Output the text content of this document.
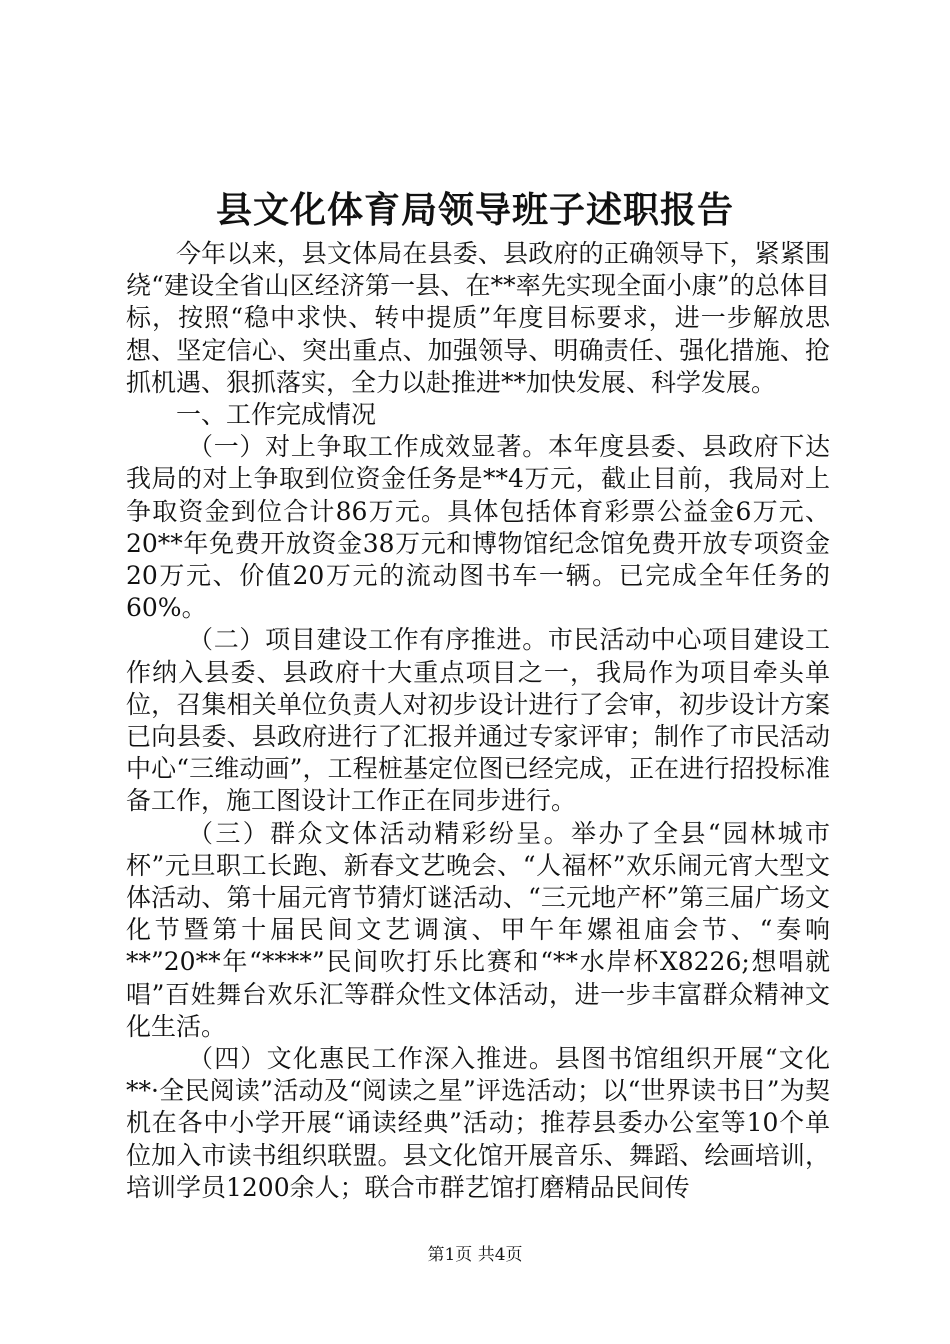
县文化体育局领导班子述职报告

今年以来，县文体局在县委、县政府的正确领导下，紧紧围绕“建设全省山区经济第一县、在**率先实现全面小康”的总体目标，按照“稳中求快、转中提质”年度目标要求，进一步解放思想、坚定信心、突出重点、加强领导、明确责任、强化措施、抢抓机遇、狠抓落实，全力以赴推进**加快发展、科学发展。

一、工作完成情况

（一）对上争取工作成效显著。本年度县委、县政府下达我局的对上争取到位资金任务是**4万元，截止目前，我局对上争取资金到位合计86万元。具体包括体育彩票公益金6万元、20**年免费开放资金38万元和博物馆纪念馆免费开放专项资金20万元、价值20万元的流动图书车一辆。已完成全年任务的60%。

（二）项目建设工作有序推进。市民活动中心项目建设工作纳入县委、县政府十大重点项目之一，我局作为项目牵头单位，召集相关单位负责人对初步设计进行了会审，初步设计方案已向县委、县政府进行了汇报并通过专家评审；制作了市民活动中心“三维动画”，工程桩基定位图已经完成，正在进行招投标准备工作，施工图设计工作正在同步进行。

（三）群众文体活动精彩纷呈。举办了全县“园林城市杯”元旦职工长跑、新春文艺晚会、“人福杯”欢乐闹元宵大型文体活动、第十届元宵节猜灯谜活动、“三元地产杯”第三届广场文化节暨第十届民间文艺调演、甲午年嫘祖庙会节、“奏响**”20**年“****”民间吹打乐比赛和“**水岸杯X8226;想唱就唱”百姓舞台欢乐汇等群众性文体活动，进一步丰富群众精神文化生活。

（四）文化惠民工作深入推进。县图书馆组织开展“文化**·全民阅读”活动及“阅读之星”评选活动；以“世界读书日”为契机在各中小学开展“诵读经典”活动；推荐县委办公室等10个单位加入市读书组织联盟。县文化馆开展音乐、舞蹈、绘画培训，培训学员1200余人；联合市群艺馆打磨精品民间传

第1页 共4页
